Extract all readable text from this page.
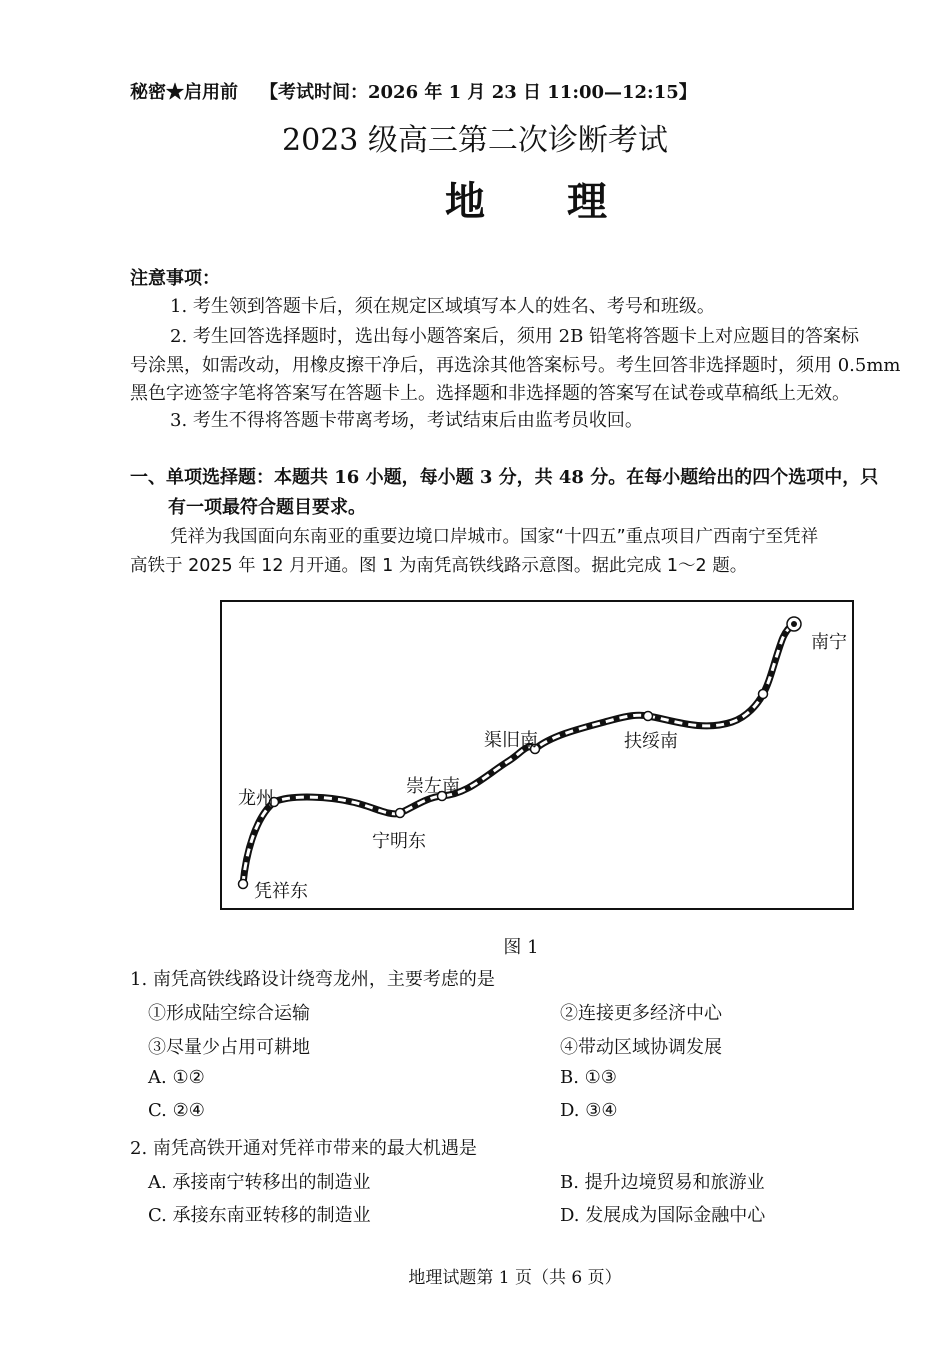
秘密★启用前 【考试时间：2026 年 1 月 23 日 11:00—12:15】
2023 级高三第二次诊断考试
地 理
注意事项：
1. 考生领到答题卡后，须在规定区域填写本人的姓名、考号和班级。
2. 考生回答选择题时，选出每小题答案后，须用 2B 铅笔将答题卡上对应题目的答案标
号涂黑，如需改动，用橡皮擦干净后，再选涂其他答案标号。考生回答非选择题时，须用 0.5mm
黑色字迹签字笔将答案写在答题卡上。选择题和非选择题的答案写在试卷或草稿纸上无效。
3. 考生不得将答题卡带离考场，考试结束后由监考员收回。
一、单项选择题：本题共 16 小题，每小题 3 分，共 48 分。在每小题给出的四个选项中，只
有一项最符合题目要求。
凭祥为我国面向东南亚的重要边境口岸城市。国家“十四五”重点项目广西南宁至凭祥
高铁于 2025 年 12 月开通。图 1 为南凭高铁线路示意图。据此完成 1～2 题。
南宁
扶绥南
渠旧南
崇左南
宁明东
龙州
凭祥东
图 1
1. 南凭高铁线路设计绕弯龙州，主要考虑的是
①形成陆空综合运输	②连接更多经济中心
③尽量少占用可耕地	④带动区域协调发展
A. ①②	B. ①③
C. ②④	D. ③④
2. 南凭高铁开通对凭祥市带来的最大机遇是
A. 承接南宁转移出的制造业	B. 提升边境贸易和旅游业
C. 承接东南亚转移的制造业	D. 发展成为国际金融中心
地理试题第 1 页（共 6 页）
